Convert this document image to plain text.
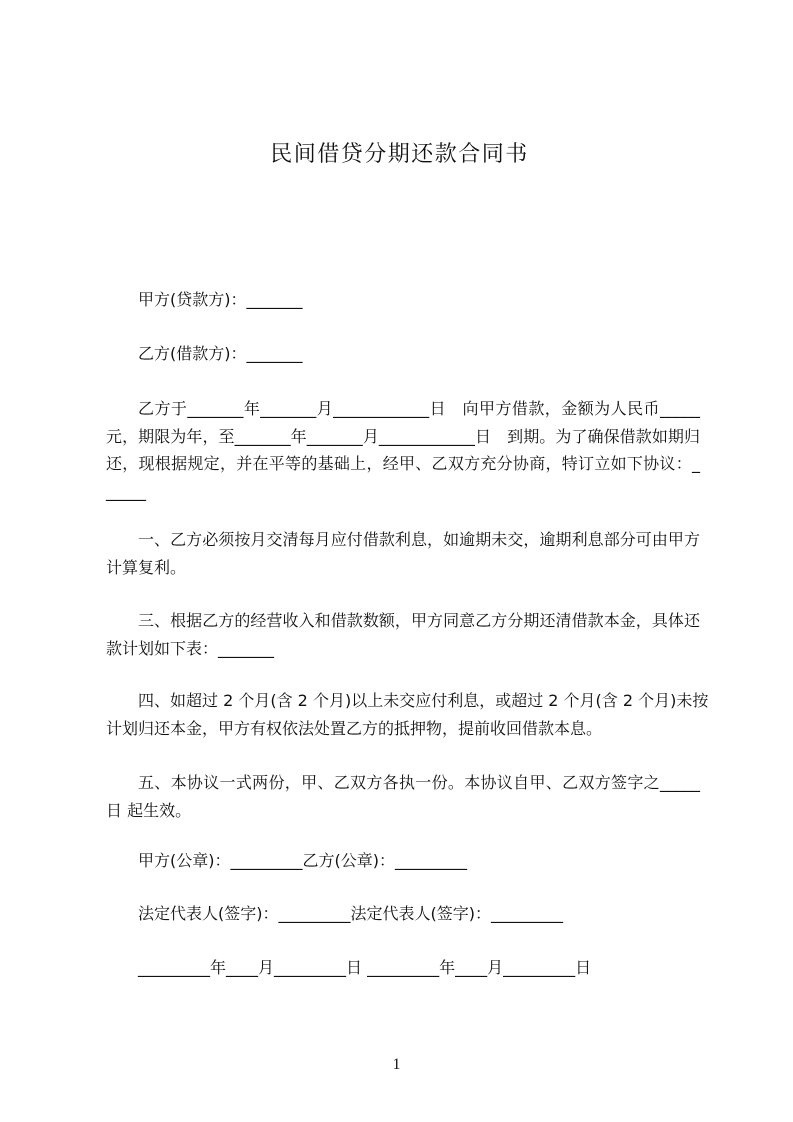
民间借贷分期还款合同书
甲方(贷款方)：_______
乙方(借款方)：_______
乙方于_______年_______月____________日　向甲方借款，金额为人民币_____
元，期限为年，至_______年_______月____________日　到期。为了确保借款如期归
还，现根据规定，并在平等的基础上，经甲、乙双方充分协商，特订立如下协议：_
_____
一、乙方必须按月交清每月应付借款利息，如逾期未交，逾期利息部分可由甲方
计算复利。
三、根据乙方的经营收入和借款数额，甲方同意乙方分期还清借款本金，具体还
款计划如下表：_______
四、如超过 2 个月(含 2 个月)以上未交应付利息，或超过 2 个月(含 2 个月)未按
计划归还本金，甲方有权依法处置乙方的抵押物，提前收回借款本息。
五、本协议一式两份，甲、乙双方各执一份。本协议自甲、乙双方签字之_____
日 起生效。
甲方(公章)：_________乙方(公章)：_________
法定代表人(签字)：_________法定代表人(签字)：_________
_________年____月_________日 _________年____月_________日
1
